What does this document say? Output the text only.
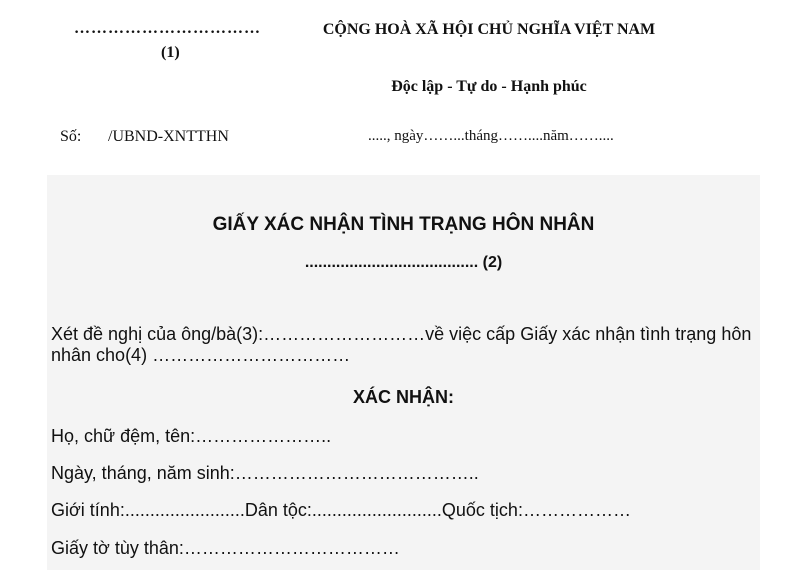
……………………………
(1)
CỘNG HOÀ XÃ HỘI CHỦ NGHĨA VIỆT NAM
Độc lập - Tự do - Hạnh phúc
Số: /UBND-XNTTHN	....., ngày……...tháng……....năm……....
GIẤY XÁC NHẬN TÌNH TRẠNG HÔN NHÂN
....................................... (2)
Xét đề nghị của ông/bà(3):………………………về việc cấp Giấy xác nhận tình trạng hôn nhân cho(4) ……………………………
XÁC NHẬN:
Họ, chữ đệm, tên:…………………..
Ngày, tháng, năm sinh:…………………………………..
Giới tính:........................Dân tộc:..........................Quốc tịch:………………
Giấy tờ tùy thân:………………………………
